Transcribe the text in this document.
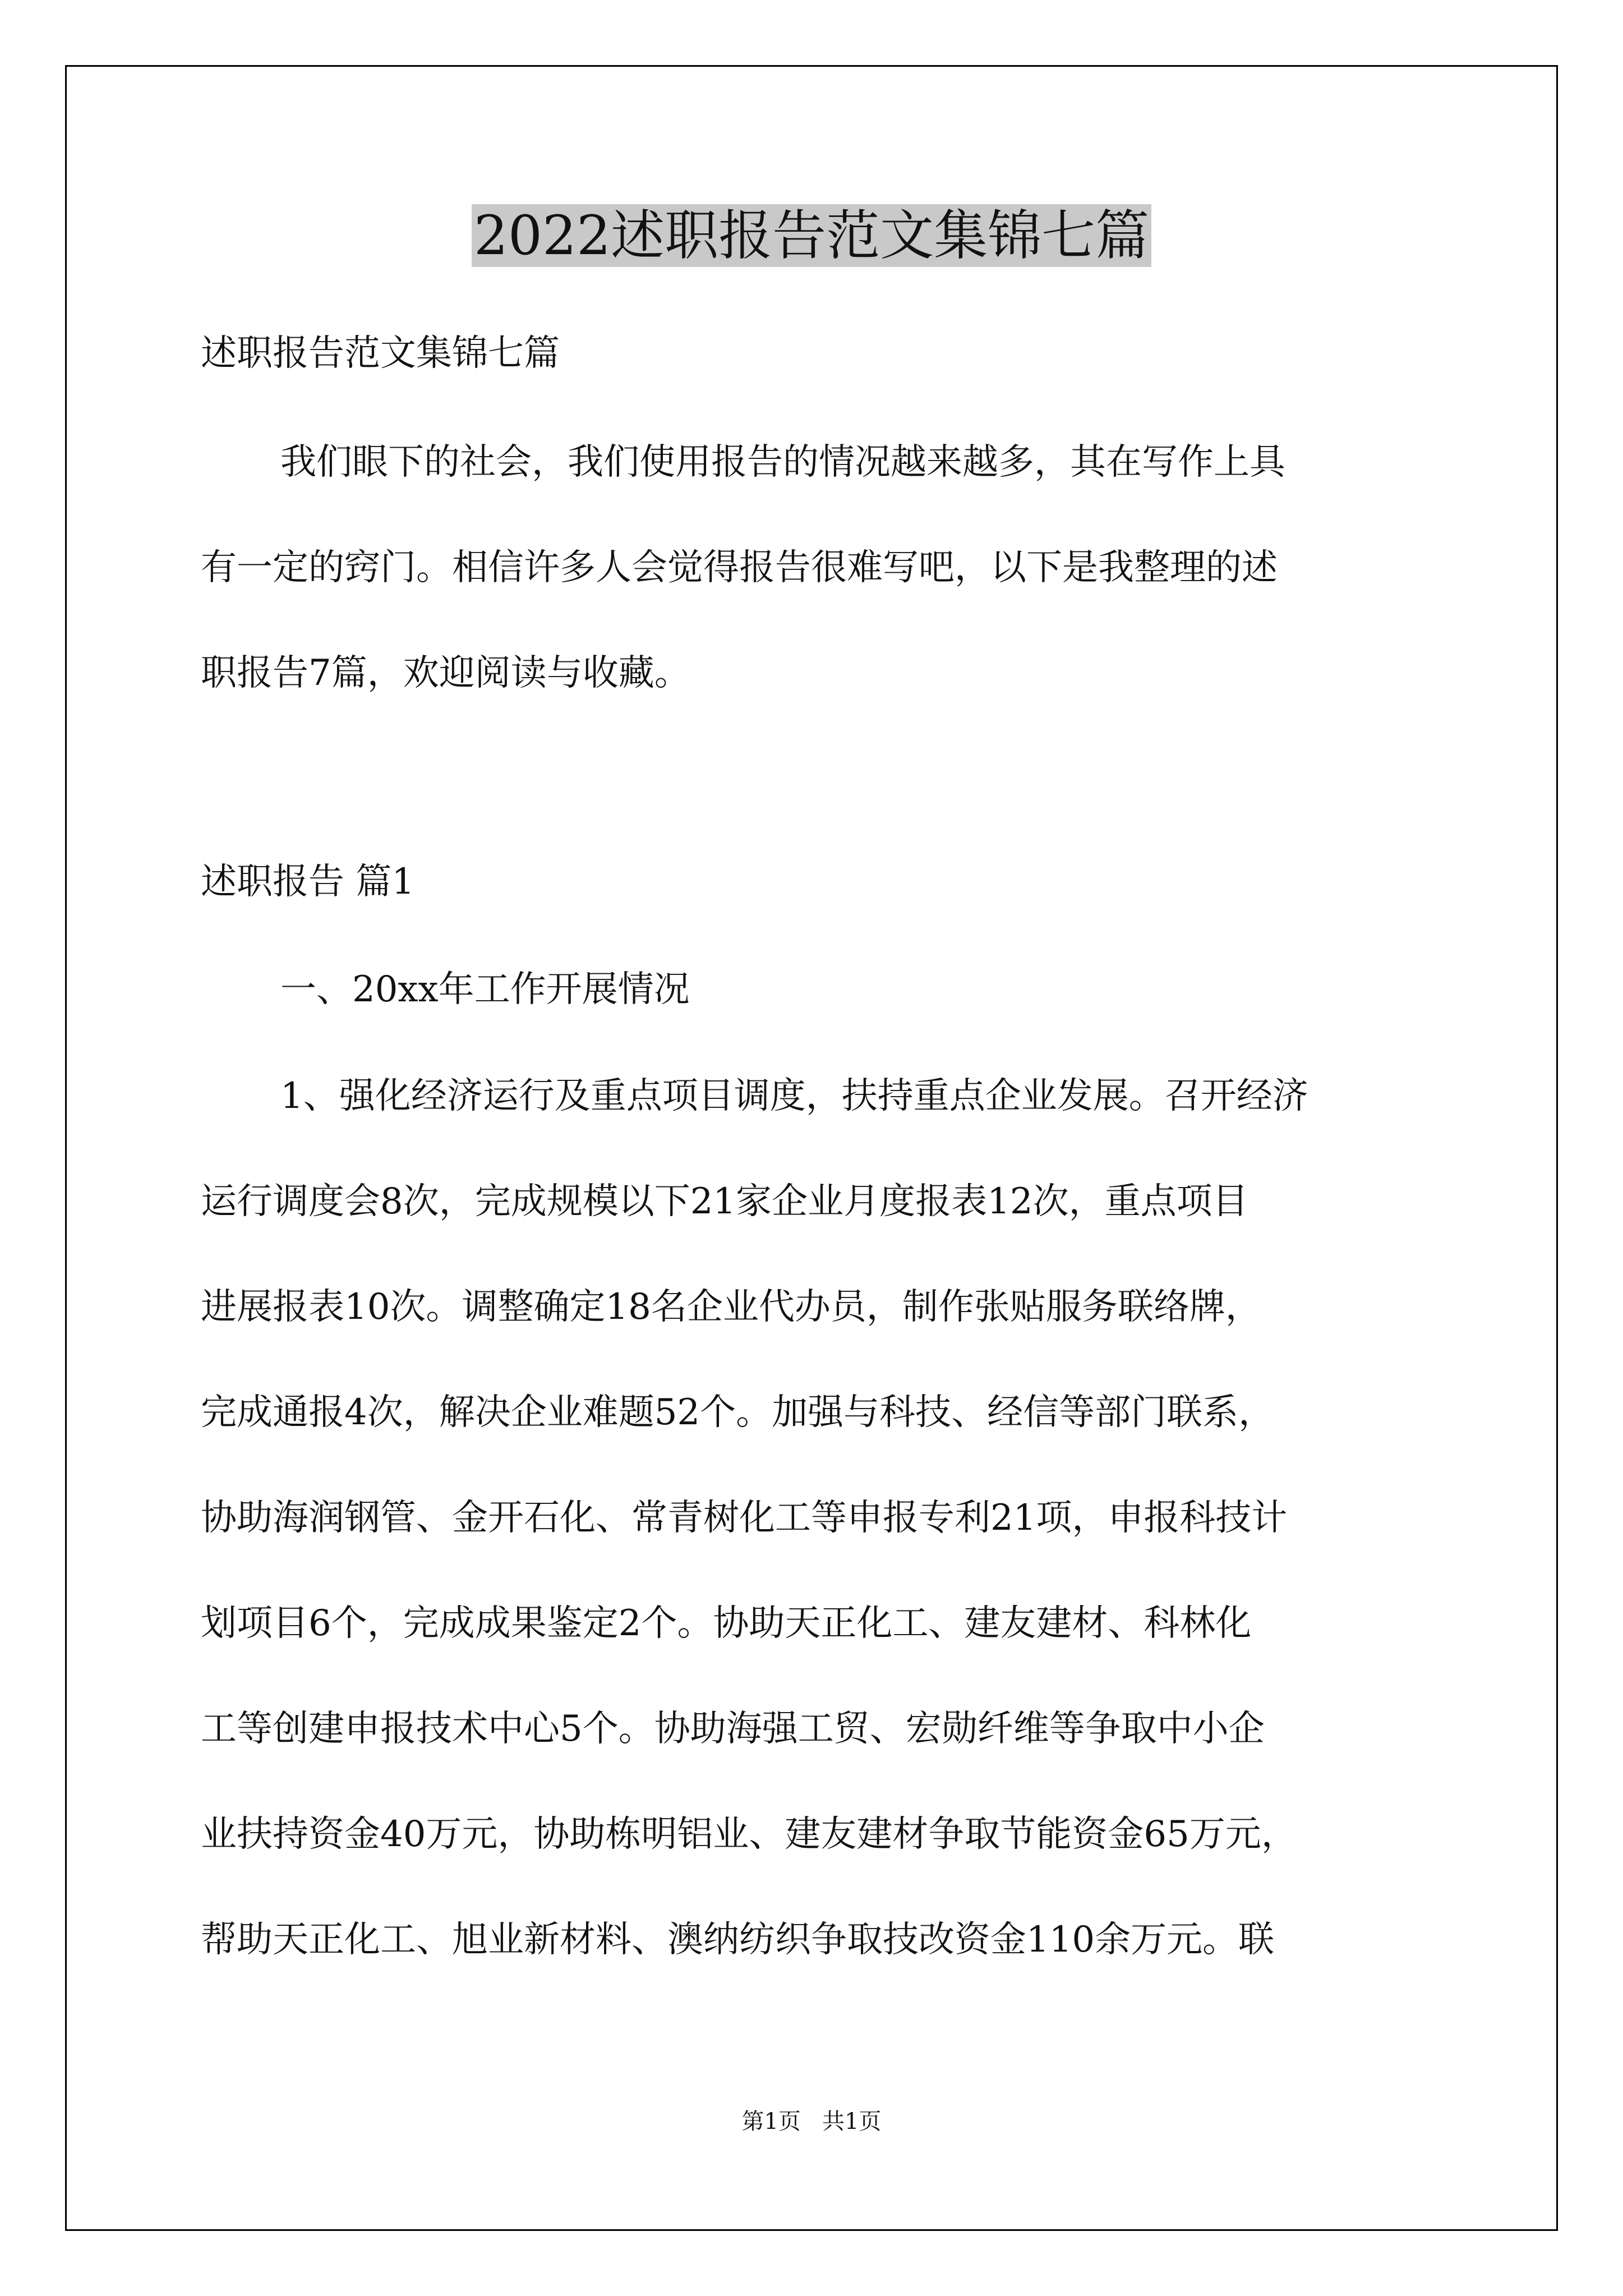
2022述职报告范文集锦七篇
述职报告范文集锦七篇
我们眼下的社会，我们使用报告的情况越来越多，其在写作上具
有一定的窍门。相信许多人会觉得报告很难写吧，以下是我整理的述
职报告7篇，欢迎阅读与收藏。
述职报告 篇1
一、20xx年工作开展情况
1、强化经济运行及重点项目调度，扶持重点企业发展。召开经济
运行调度会8次，完成规模以下21家企业月度报表12次，重点项目
进展报表10次。调整确定18名企业代办员，制作张贴服务联络牌，
完成通报4次，解决企业难题52个。加强与科技、经信等部门联系，
协助海润钢管、金开石化、常青树化工等申报专利21项，申报科技计
划项目6个，完成成果鉴定2个。协助天正化工、建友建材、科林化
工等创建申报技术中心5个。协助海强工贸、宏勋纤维等争取中小企
业扶持资金40万元，协助栋明铝业、建友建材争取节能资金65万元，
帮助天正化工、旭业新材料、澳纳纺织争取技改资金110余万元。联
第1页   共1页
